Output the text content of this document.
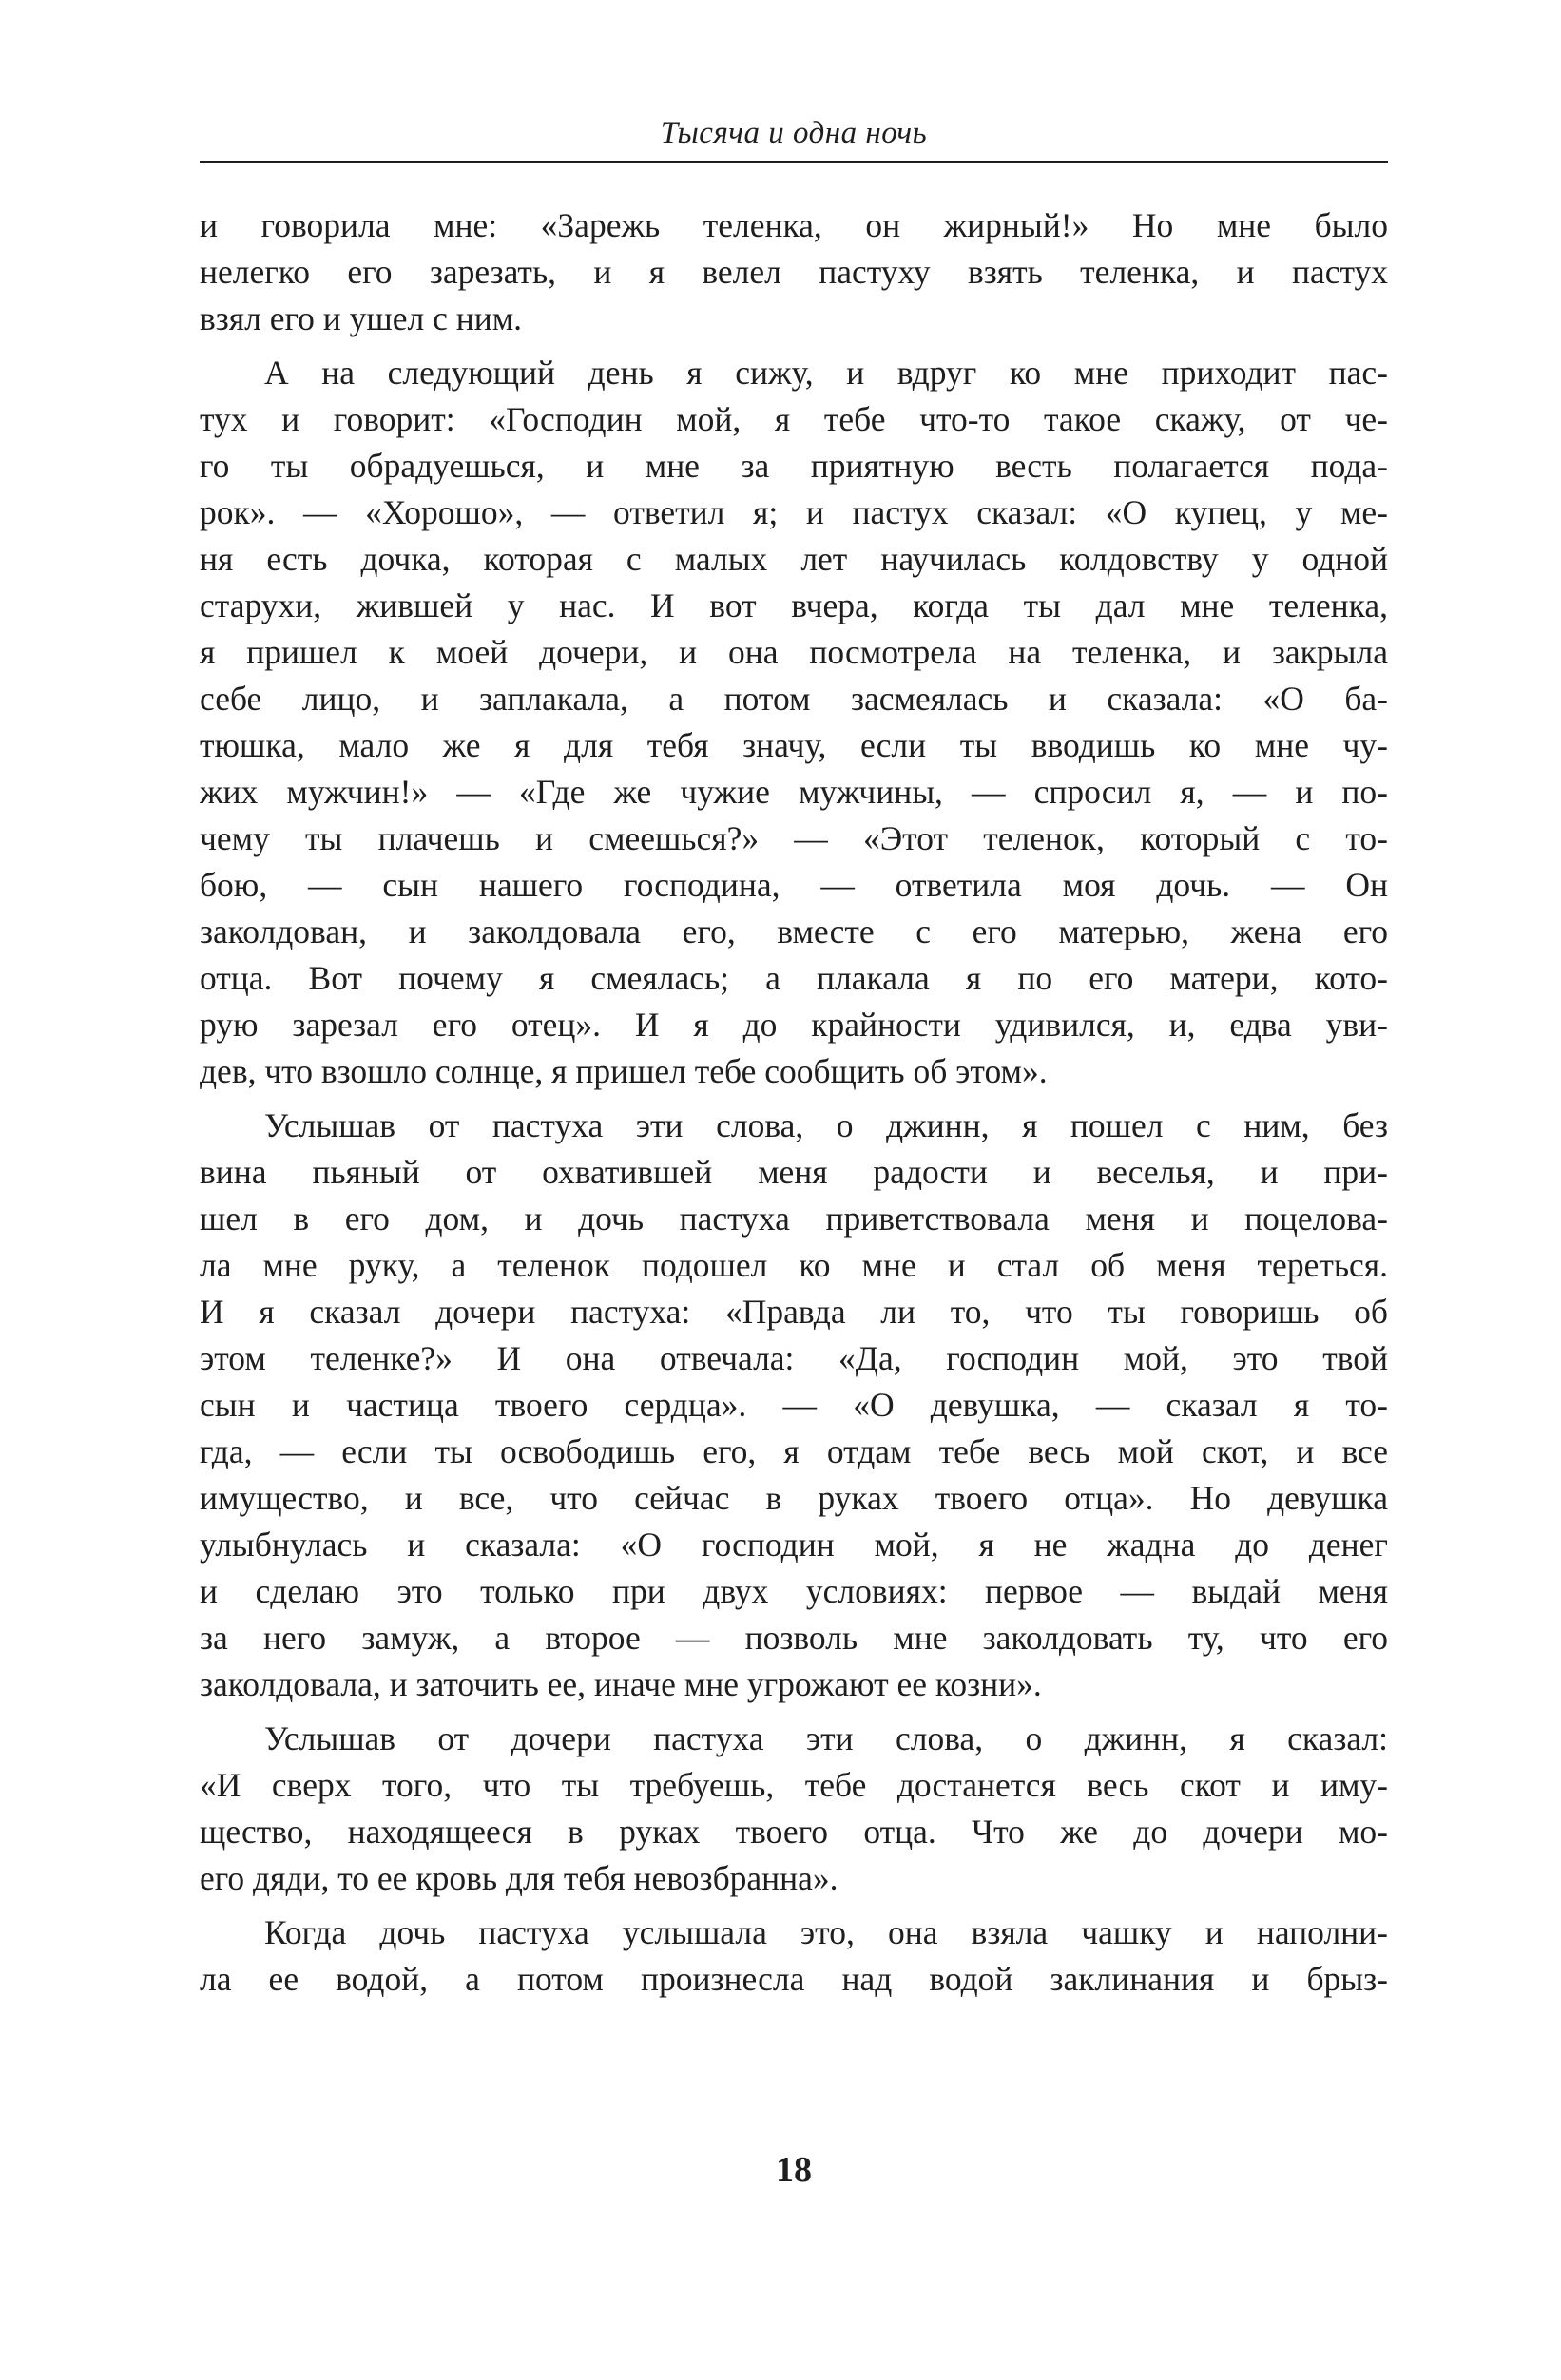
Тысяча и одна ночь
и говорила мне: «Зарежь теленка, он жирный!» Но мне было
нелегко его зарезать, и я велел пастуху взять теленка, и пастух
взял его и ушел с ним.
А на следующий день я сижу, и вдруг ко мне приходит пас-
тух и говорит: «Господин мой, я тебе что-то такое скажу, от че-
го ты обрадуешься, и мне за приятную весть полагается пода-
рок». — «Хорошо», — ответил я; и пастух сказал: «О купец, у ме-
ня есть дочка, которая с малых лет научилась колдовству у одной
старухи, жившей у нас. И вот вчера, когда ты дал мне теленка,
я пришел к моей дочери, и она посмотрела на теленка, и закрыла
себе лицо, и заплакала, а потом засмеялась и сказала: «О ба-
тюшка, мало же я для тебя значу, если ты вводишь ко мне чу-
жих мужчин!» — «Где же чужие мужчины, — спросил я, — и по-
чему ты плачешь и смеешься?» — «Этот теленок, который с то-
бою, — сын нашего господина, — ответила моя дочь. — Он
заколдован, и заколдовала его, вместе с его матерью, жена его
отца. Вот почему я смеялась; а плакала я по его матери, кото-
рую зарезал его отец». И я до крайности удивился, и, едва уви-
дев, что взошло солнце, я пришел тебе сообщить об этом».
Услышав от пастуха эти слова, о джинн, я пошел с ним, без
вина пьяный от охватившей меня радости и веселья, и при-
шел в его дом, и дочь пастуха приветствовала меня и поцелова-
ла мне руку, а теленок подошел ко мне и стал об меня тереться.
И я сказал дочери пастуха: «Правда ли то, что ты говоришь об
этом теленке?» И она отвечала: «Да, господин мой, это твой
сын и частица твоего сердца». — «О девушка, — сказал я то-
гда, — если ты освободишь его, я отдам тебе весь мой скот, и все
имущество, и все, что сейчас в руках твоего отца». Но девушка
улыбнулась и сказала: «О господин мой, я не жадна до денег
и сделаю это только при двух условиях: первое — выдай меня
за него замуж, а второе — позволь мне заколдовать ту, что его
заколдовала, и заточить ее, иначе мне угрожают ее козни».
Услышав от дочери пастуха эти слова, о джинн, я сказал:
«И сверх того, что ты требуешь, тебе достанется весь скот и иму-
щество, находящееся в руках твоего отца. Что же до дочери мо-
его дяди, то ее кровь для тебя невозбранна».
Когда дочь пастуха услышала это, она взяла чашку и наполни-
ла ее водой, а потом произнесла над водой заклинания и брыз-
18
